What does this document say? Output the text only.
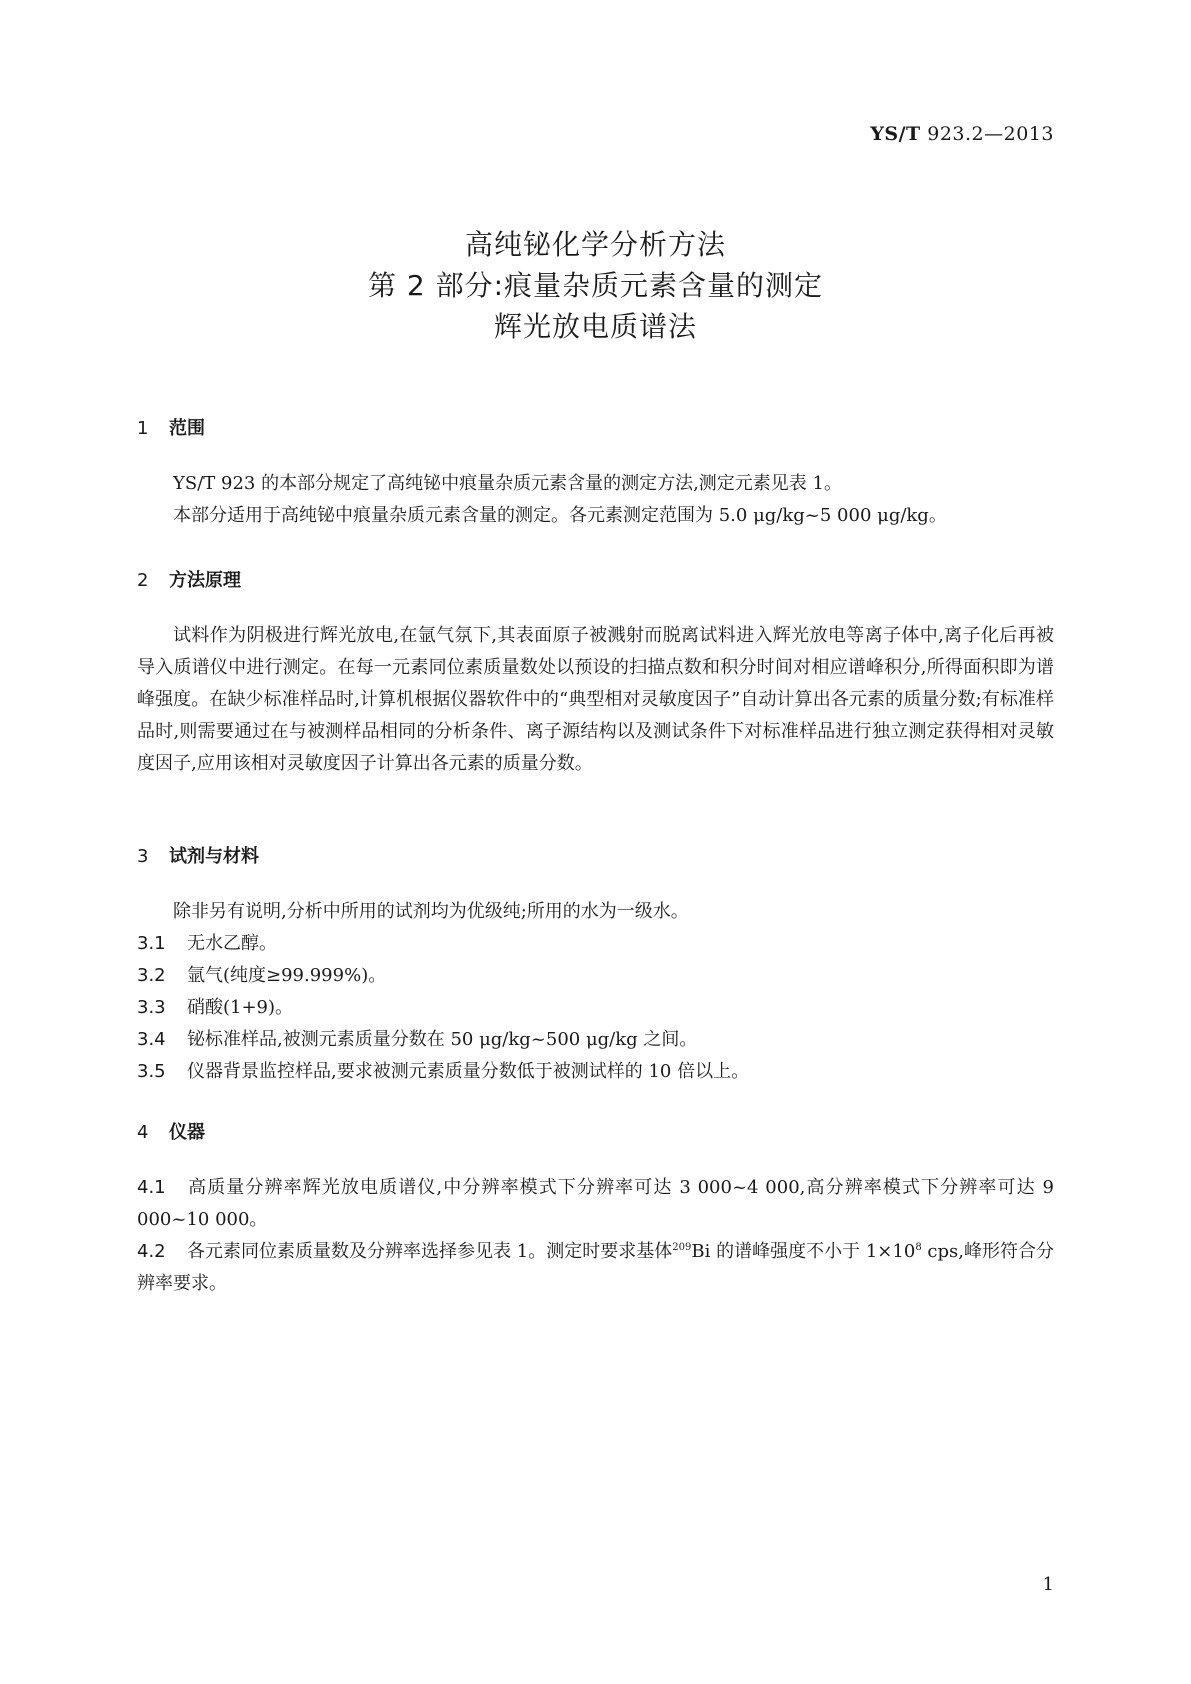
YS/T 923.2—2013
高纯铋化学分析方法
第 2 部分:痕量杂质元素含量的测定
辉光放电质谱法
1 范围
YS/T 923 的本部分规定了高纯铋中痕量杂质元素含量的测定方法,测定元素见表 1。
本部分适用于高纯铋中痕量杂质元素含量的测定。各元素测定范围为 5.0 μg/kg~5 000 μg/kg。
2 方法原理
试料作为阴极进行辉光放电,在氩气氛下,其表面原子被溅射而脱离试料进入辉光放电等离子体中,离子化后再被导入质谱仪中进行测定。在每一元素同位素质量数处以预设的扫描点数和积分时间对相应谱峰积分,所得面积即为谱峰强度。在缺少标准样品时,计算机根据仪器软件中的“典型相对灵敏度因子”自动计算出各元素的质量分数;有标准样品时,则需要通过在与被测样品相同的分析条件、离子源结构以及测试条件下对标准样品进行独立测定获得相对灵敏度因子,应用该相对灵敏度因子计算出各元素的质量分数。
3 试剂与材料
除非另有说明,分析中所用的试剂均为优级纯;所用的水为一级水。
3.1 无水乙醇。
3.2 氩气(纯度≥99.999%)。
3.3 硝酸(1+9)。
3.4 铋标准样品,被测元素质量分数在 50 μg/kg~500 μg/kg 之间。
3.5 仪器背景监控样品,要求被测元素质量分数低于被测试样的 10 倍以上。
4 仪器
4.1 高质量分辨率辉光放电质谱仪,中分辨率模式下分辨率可达 3 000~4 000,高分辨率模式下分辨率可达 9 000~10 000。
4.2 各元素同位素质量数及分辨率选择参见表 1。测定时要求基体$^{209}$Bi 的谱峰强度不小于 $1\times 10^8$ cps,峰形符合分辨率要求。
1
